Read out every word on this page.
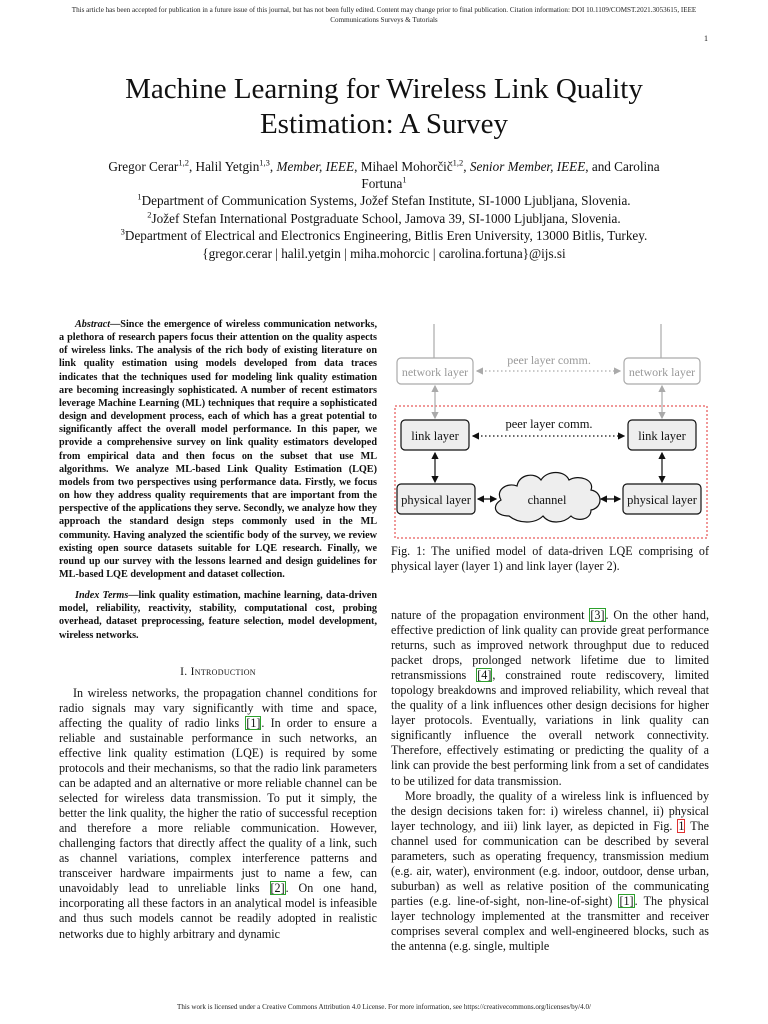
This article has been accepted for publication in a future issue of this journal, but has not been fully edited. Content may change prior to final publication. Citation information: DOI 10.1109/COMST.2021.3053615, IEEE
Communications Surveys & Tutorials
1
Machine Learning for Wireless Link Quality
Estimation: A Survey
Gregor Cerar$^{1,2}$, Halil Yetgin$^{1,3}$, Member, IEEE, Mihael Mohorčič$^{1,2}$, Senior Member, IEEE, and Carolina
Fortuna$^1$
$^1$Department of Communication Systems, Jožef Stefan Institute, SI-1000 Ljubljana, Slovenia.
$^2$Jožef Stefan International Postgraduate School, Jamova 39, SI-1000 Ljubljana, Slovenia.
$^3$Department of Electrical and Electronics Engineering, Bitlis Eren University, 13000 Bitlis, Turkey.
{gregor.cerar | halil.yetgin | miha.mohorcic | carolina.fortuna}@ijs.si

Abstract—Since the emergence of wireless communication networks, a plethora of research papers focus their attention on the quality aspects of wireless links. The analysis of the rich body of existing literature on link quality estimation using models developed from data traces indicates that the techniques used for modeling link quality estimation are becoming increasingly sophisticated. A number of recent estimators leverage Machine Learning (ML) techniques that require a sophisticated design and development process, each of which has a great potential to significantly affect the overall model performance. In this paper, we provide a comprehensive survey on link quality estimators developed from empirical data and then focus on the subset that use ML algorithms. We analyze ML-based Link Quality Estimation (LQE) models from two perspectives using performance data. Firstly, we focus on how they address quality requirements that are important from the perspective of the applications they serve. Secondly, we analyze how they approach the standard design steps commonly used in the ML community. Having analyzed the scientific body of the survey, we review existing open source datasets suitable for LQE research. Finally, we round up our survey with the lessons learned and design guidelines for ML-based LQE development and dataset collection.

Index Terms—link quality estimation, machine learning, data-driven model, reliability, reactivity, stability, computational cost, probing overhead, dataset preprocessing, feature selection, model development, wireless networks.

I. Introduction

In wireless networks, the propagation channel conditions for radio signals may vary significantly with time and space, affecting the quality of radio links [1]. In order to ensure a reliable and sustainable performance in such networks, an effective link quality estimation (LQE) is required by some protocols and their mechanisms, so that the radio link parameters can be adapted and an alternative or more reliable channel can be selected for wireless data transmission. To put it simply, the better the link quality, the higher the ratio of successful reception and therefore a more reliable communication. However, challenging factors that directly affect the quality of a link, such as channel variations, complex interference patterns and transceiver hardware impairments just to name a few, can unavoidably lead to unreliable links [2]. On one hand, incorporating all these factors in an analytical model is infeasible and thus such models cannot be readily adopted in realistic networks due to highly arbitrary and dynamic

network layer	network layer
peer layer comm.
link layer	link layer
peer layer comm.
physical layer	physical layer
channel
Fig. 1: The unified model of data-driven LQE comprising of physical layer (layer 1) and link layer (layer 2).

nature of the propagation environment [3]. On the other hand, effective prediction of link quality can provide great performance returns, such as improved network throughput due to reduced packet drops, prolonged network lifetime due to limited retransmissions [4], constrained route rediscovery, limited topology breakdowns and improved reliability, which reveal that the quality of a link influences other design decisions for higher layer protocols. Eventually, variations in link quality can significantly influence the overall network connectivity. Therefore, effectively estimating or predicting the quality of a link can provide the best performing link from a set of candidates to be utilized for data transmission.

More broadly, the quality of a wireless link is influenced by the design decisions taken for: i) wireless channel, ii) physical layer technology, and iii) link layer, as depicted in Fig. 1 The channel used for communication can be described by several parameters, such as operating frequency, transmission medium (e.g. air, water), environment (e.g. indoor, outdoor, dense urban, suburban) as well as relative position of the communicating parties (e.g. line-of-sight, non-line-of-sight) [1]. The physical layer technology implemented at the transmitter and receiver comprises several complex and well-engineered blocks, such as the antenna (e.g. single, multiple

This work is licensed under a Creative Commons Attribution 4.0 License. For more information, see https://creativecommons.org/licenses/by/4.0/
